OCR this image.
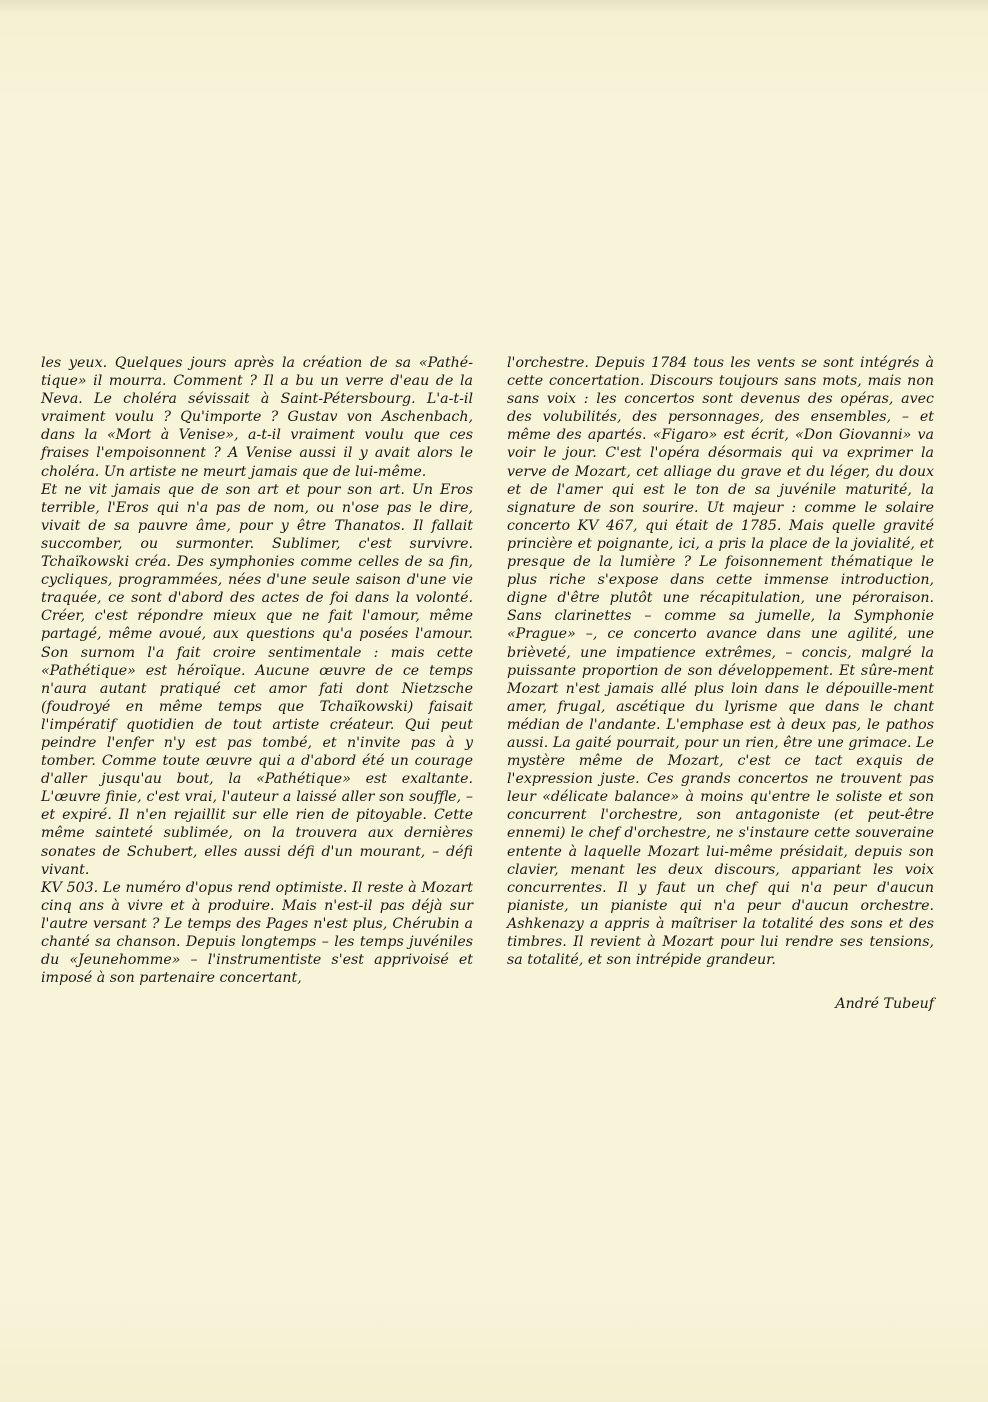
les yeux. Quelques jours après la création de sa «Pathé-tique» il mourra. Comment ? Il a bu un verre d'eau de la Neva. Le choléra sévissait à Saint-Pétersbourg. L'a-t-il vraiment voulu ? Qu'importe ? Gustav von Aschenbach, dans la «Mort à Venise», a-t-il vraiment voulu que ces fraises l'empoisonnent ? A Venise aussi il y avait alors le choléra. Un artiste ne meurt jamais que de lui-même.

Et ne vit jamais que de son art et pour son art. Un Eros terrible, l'Eros qui n'a pas de nom, ou n'ose pas le dire, vivait de sa pauvre âme, pour y être Thanatos. Il fallait succomber, ou surmonter. Sublimer, c'est survivre. Tchaïkowski créa. Des symphonies comme celles de sa fin, cycliques, programmées, nées d'une seule saison d'une vie traquée, ce sont d'abord des actes de foi dans la volonté. Créer, c'est répondre mieux que ne fait l'amour, même partagé, même avoué, aux questions qu'a posées l'amour. Son surnom l'a fait croire sentimentale : mais cette «Pathétique» est héroïque. Aucune œuvre de ce temps n'aura autant pratiqué cet amor fati dont Nietzsche (foudroyé en même temps que Tchaïkowski) faisait l'impératif quotidien de tout artiste créateur. Qui peut peindre l'enfer n'y est pas tombé, et n'invite pas à y tomber. Comme toute œuvre qui a d'abord été un courage d'aller jusqu'au bout, la «Pathétique» est exaltante. L'œuvre finie, c'est vrai, l'auteur a laissé aller son souffle, – et expiré. Il n'en rejaillit sur elle rien de pitoyable. Cette même sainteté sublimée, on la trouvera aux dernières sonates de Schubert, elles aussi défi d'un mourant, – défi vivant.

KV 503. Le numéro d'opus rend optimiste. Il reste à Mozart cinq ans à vivre et à produire. Mais n'est-il pas déjà sur l'autre versant ? Le temps des Pages n'est plus, Chérubin a chanté sa chanson. Depuis longtemps – les temps juvéniles du «Jeunehomme» – l'instrumentiste s'est apprivoisé et imposé à son partenaire concertant,

l'orchestre. Depuis 1784 tous les vents se sont intégrés à cette concertation. Discours toujours sans mots, mais non sans voix : les concertos sont devenus des opéras, avec des volubilités, des personnages, des ensembles, – et même des apartés. «Figaro» est écrit, «Don Giovanni» va voir le jour. C'est l'opéra désormais qui va exprimer la verve de Mozart, cet alliage du grave et du léger, du doux et de l'amer qui est le ton de sa juvénile maturité, la signature de son sourire. Ut majeur : comme le solaire concerto KV 467, qui était de 1785. Mais quelle gravité princière et poignante, ici, a pris la place de la jovialité, et presque de la lumière ? Le foisonnement thématique le plus riche s'expose dans cette immense introduction, digne d'être plutôt une récapitulation, une péroraison. Sans clarinettes – comme sa jumelle, la Symphonie «Prague» –, ce concerto avance dans une agilité, une brièveté, une impatience extrêmes, – concis, malgré la puissante proportion de son développement. Et sûre-ment Mozart n'est jamais allé plus loin dans le dépouille-ment amer, frugal, ascétique du lyrisme que dans le chant médian de l'andante. L'emphase est à deux pas, le pathos aussi. La gaité pourrait, pour un rien, être une grimace. Le mystère même de Mozart, c'est ce tact exquis de l'expression juste. Ces grands concertos ne trouvent pas leur «délicate balance» à moins qu'entre le soliste et son concurrent l'orchestre, son antagoniste (et peut-être ennemi) le chef d'orchestre, ne s'instaure cette souveraine entente à laquelle Mozart lui-même présidait, depuis son clavier, menant les deux discours, appariant les voix concurrentes. Il y faut un chef qui n'a peur d'aucun pianiste, un pianiste qui n'a peur d'aucun orchestre. Ashkenazy a appris à maîtriser la totalité des sons et des timbres. Il revient à Mozart pour lui rendre ses tensions, sa totalité, et son intrépide grandeur.

André Tubeuf
